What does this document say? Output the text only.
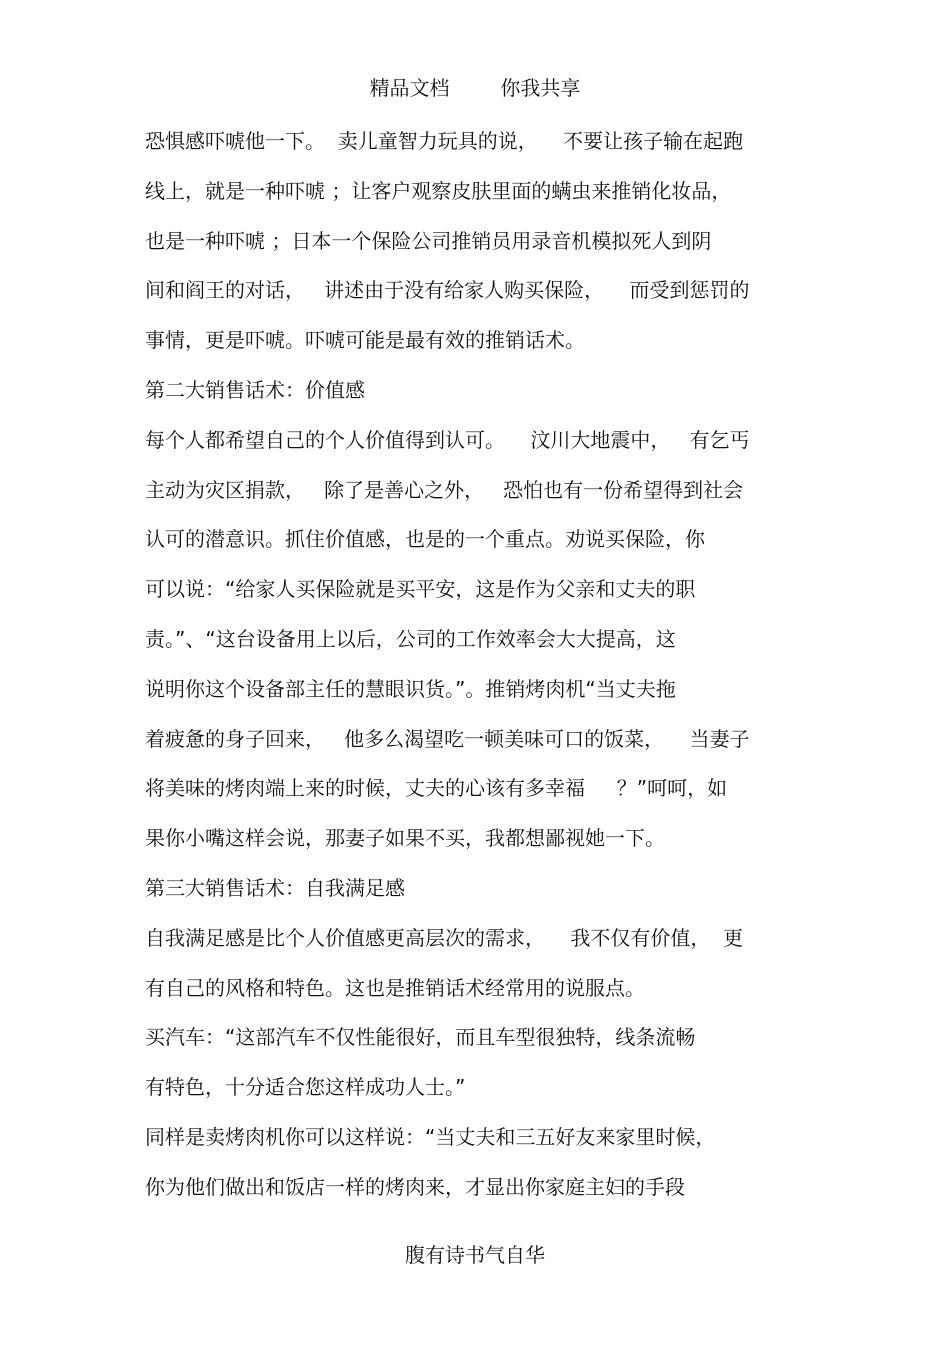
精品文档        你我共享
恐惧感吓唬他一下。  卖儿童智力玩具的说，    不要让孩子输在起跑
线上，就是一种吓唬 ；让客户观察皮肤里面的螨虫来推销化妆品，
也是一种吓唬 ；日本一个保险公司推销员用录音机模拟死人到阴
间和阎王的对话，   讲述由于没有给家人购买保险，    而受到惩罚的
事情，更是吓唬。吓唬可能是最有效的推销话术。
第二大销售话术：价值感
每个人都希望自己的个人价值得到认可。    汶川大地震中，   有乞丐
主动为灾区捐款，   除了是善心之外，   恐怕也有一份希望得到社会
认可的潜意识。抓住价值感，也是的一个重点。劝说买保险，你
可以说：“给家人买保险就是买平安，这是作为父亲和丈夫的职
责。”、“这台设备用上以后，公司的工作效率会大大提高，这
说明你这个设备部主任的慧眼识货。”。推销烤肉机“当丈夫拖
着疲惫的身子回来，   他多么渴望吃一顿美味可口的饭菜，    当妻子
将美味的烤肉端上来的时候，丈夫的心该有多幸福     ？”呵呵，如
果你小嘴这样会说，那妻子如果不买，我都想鄙视她一下。
第三大销售话术：自我满足感
自我满足感是比个人价值感更高层次的需求，    我不仅有价值，  更
有自己的风格和特色。这也是推销话术经常用的说服点。
买汽车：“这部汽车不仅性能很好，而且车型很独特，线条流畅
有特色，十分适合您这样成功人士。”
同样是卖烤肉机你可以这样说：“当丈夫和三五好友来家里时候，
你为他们做出和饭店一样的烤肉来，才显出你家庭主妇的手段
腹有诗书气自华
